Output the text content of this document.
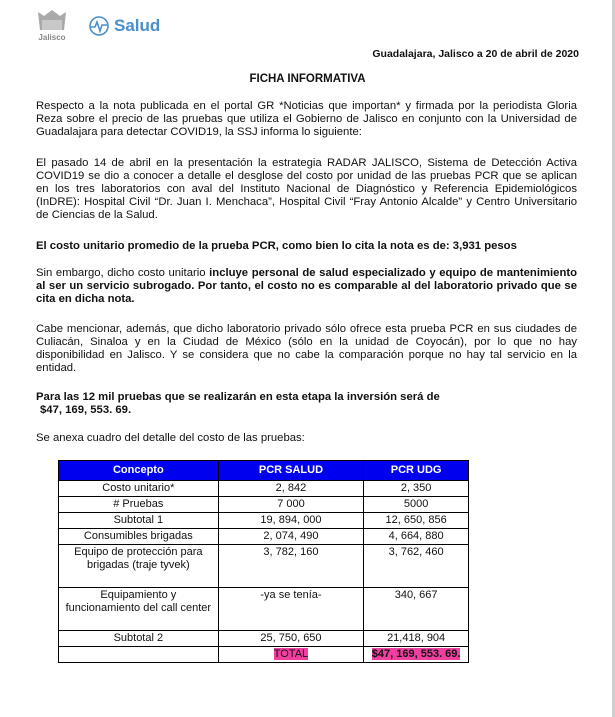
Jalisco
Salud
Guadalajara, Jalisco a 20 de abril de 2020
FICHA INFORMATIVA
Respecto a la nota publicada en el portal GR *Noticias que importan* y firmada por la periodista Gloria Reza sobre el precio de las pruebas que utiliza el Gobierno de Jalisco en conjunto con la Universidad de Guadalajara para detectar COVID19, la SSJ informa lo siguiente:
El pasado 14 de abril en la presentación la estrategia RADAR JALISCO, Sistema de Detección Activa COVID19 se dio a conocer a detalle el desglose del costo por unidad de las pruebas PCR que se aplican en los tres laboratorios con aval del Instituto Nacional de Diagnóstico y Referencia Epidemiológicos (InDRE): Hospital Civil “Dr. Juan I. Menchaca”, Hospital Civil “Fray Antonio Alcalde” y Centro Universitario de Ciencias de la Salud.
El costo unitario promedio de la prueba PCR, como bien lo cita la nota es de: 3,931 pesos
Sin embargo, dicho costo unitario incluye personal de salud especializado y equipo de mantenimiento al ser un servicio subrogado. Por tanto, el costo no es comparable al del laboratorio privado que se cita en dicha nota.
Cabe mencionar, además, que dicho laboratorio privado sólo ofrece esta prueba PCR en sus ciudades de Culiacán, Sinaloa y en la Ciudad de México (sólo en la unidad de Coyocán), por lo que no hay disponibilidad en Jalisco. Y se considera que no cabe la comparación porque no hay tal servicio en la entidad.
Para las 12 mil pruebas que se realizarán en esta etapa la inversión será de
$47, 169, 553. 69.
Se anexa cuadro del detalle del costo de las pruebas:
Concepto	PCR SALUD	PCR UDG
Costo unitario*	2, 842	2, 350
# Pruebas	7 000	5000
Subtotal 1	19, 894, 000	12, 650, 856
Consumibles brigadas	2, 074, 490	4, 664, 880
Equipo de protección para brigadas (traje tyvek)	3, 782, 160	3, 762, 460
Equipamiento y funcionamiento del call center	-ya se tenía-	340, 667
Subtotal 2	25, 750, 650	21,418, 904
	TOTAL	$47, 169, 553. 69.
